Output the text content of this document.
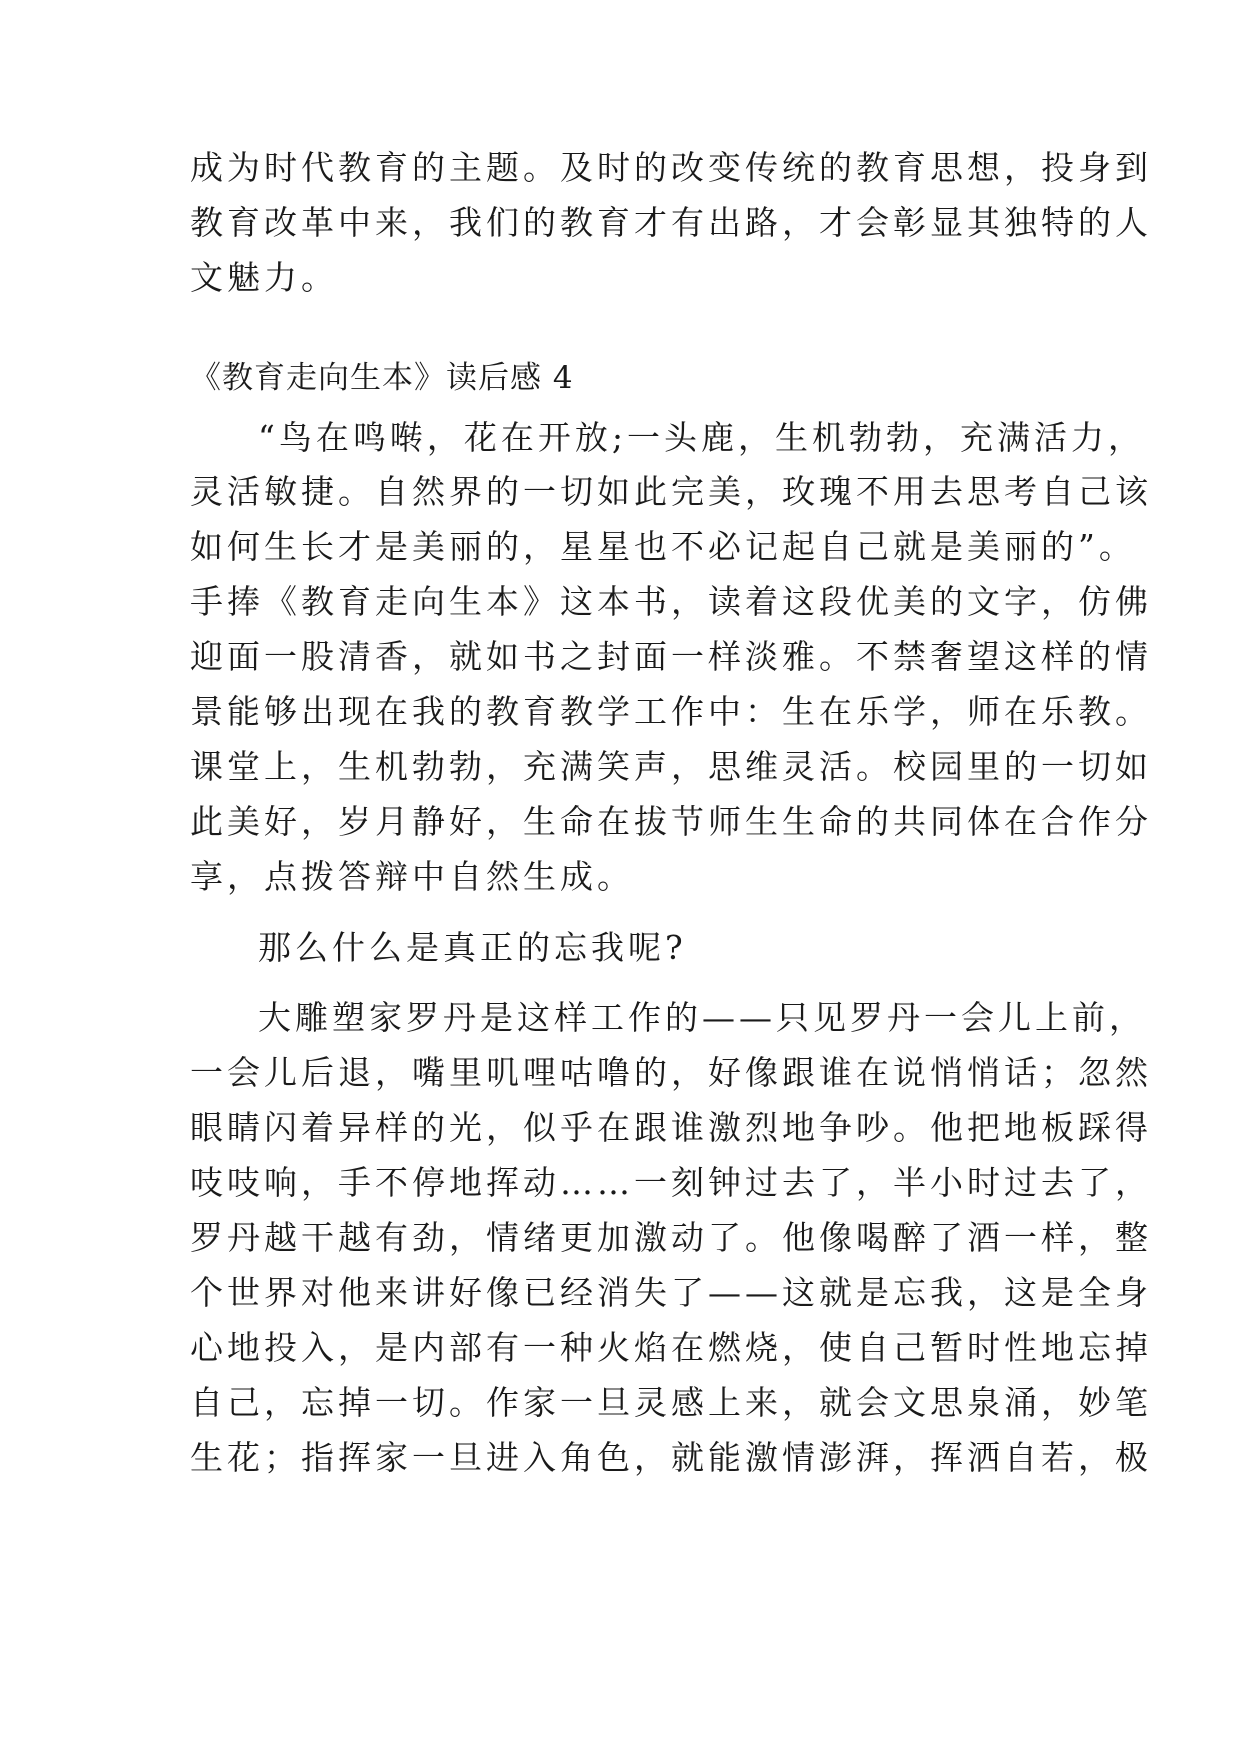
成为时代教育的主题。及时的改变传统的教育思想，投身到
教育改革中来，我们的教育才有出路，才会彰显其独特的人
文魅力。
《教育走向生本》读后感 4
“鸟在鸣啭，花在开放;一头鹿，生机勃勃，充满活力，
灵活敏捷。自然界的一切如此完美，玫瑰不用去思考自己该
如何生长才是美丽的，星星也不必记起自己就是美丽的”。
手捧《教育走向生本》这本书，读着这段优美的文字，仿佛
迎面一股清香，就如书之封面一样淡雅。不禁奢望这样的情
景能够出现在我的教育教学工作中：生在乐学，师在乐教。
课堂上，生机勃勃，充满笑声，思维灵活。校园里的一切如
此美好，岁月静好，生命在拔节师生生命的共同体在合作分
享，点拨答辩中自然生成。
那么什么是真正的忘我呢?
大雕塑家罗丹是这样工作的——只见罗丹一会儿上前，
一会儿后退，嘴里叽哩咕噜的，好像跟谁在说悄悄话；忽然
眼睛闪着异样的光，似乎在跟谁激烈地争吵。他把地板踩得
吱吱响，手不停地挥动……一刻钟过去了，半小时过去了，
罗丹越干越有劲，情绪更加激动了。他像喝醉了酒一样，整
个世界对他来讲好像已经消失了——这就是忘我，这是全身
心地投入，是内部有一种火焰在燃烧，使自己暂时性地忘掉
自己，忘掉一切。作家一旦灵感上来，就会文思泉涌，妙笔
生花；指挥家一旦进入角色，就能激情澎湃，挥洒自若，极
